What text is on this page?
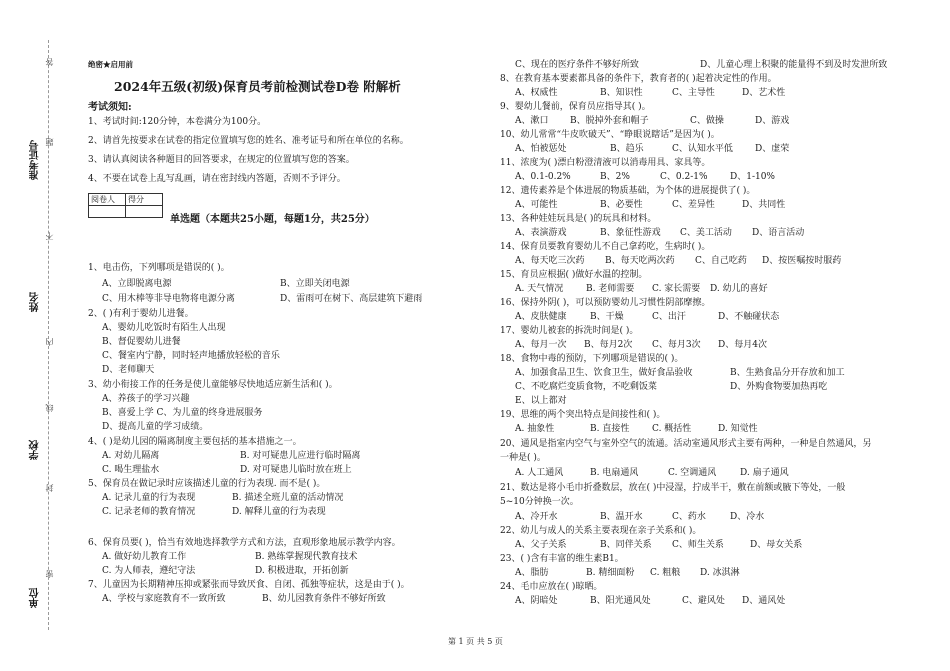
答
题
不
内
线
封
密
准考证号
姓名
学校
单位
绝密★启用前
2024年五级(初级)保育员考前检测试卷D卷 附解析
考试须知:
1、考试时间:120分钟，本卷满分为100分。
2、请首先按要求在试卷的指定位置填写您的姓名、准考证号和所在单位的名称。
3、请认真阅读各种题目的回答要求，在规定的位置填写您的答案。
4、不要在试卷上乱写乱画，请在密封线内答题，否则不予评分。
阅卷人	得分

单选题（本题共25小题，每题1分，共25分）
1、电击伤，下列哪项是错误的( )。
A、立即脱离电源	B、立即关闭电源
C、用木棒等非导电物将电源分离	D、雷雨可在树下、高层建筑下避雨
2、( )有利于婴幼儿进餐。
A、婴幼儿吃饭时有陌生人出现
B、督促婴幼儿进餐
C、餐室内宁静，同时轻声地播放轻松的音乐
D、老师聊天
3、幼小衔接工作的任务是使儿童能够尽快地适应新生活和( )。
A、养孩子的学习兴趣
B、喜爱上学 C、为儿童的终身进展服务
D、提高儿童的学习成绩。
4、( )是幼儿园的隔离制度主要包括的基本措施之一。
A. 对幼儿隔离	B. 对可疑患儿应进行临时隔离
C. 喝生理盐水	D. 对可疑患儿临时放在班上
5、保育员在做记录时应该描述儿童的行为表现. 而不是( )。
A. 记录儿童的行为表现	B. 描述全班儿童的活动情况
C. 记录老师的教育情况	D. 解释儿童的行为表现
6、保育员要( )，恰当有效地选择教学方式和方法，直观形象地展示教学内容。
A. 做好幼儿教育工作	B. 熟练掌握现代教育技术
C. 为人师表，遵纪守法	D. 积极进取，开拓创新
7、儿童因为长期精神压抑或紧张而导致厌食、自闭、孤独等症状，这是由于( )。
A、学校与家庭教育不一致所致	B、幼儿园教育条件不够好所致
C、现在的医疗条件不够好所致	D、儿童心理上积聚的能量得不到及时发泄所致
8、在教育基本要素都具备的条件下，教育者的( )起着决定性的作用。
A、权威性	B、知识性	C、主导性	D、艺术性
9、婴幼儿餐前，保育员应指导其( )。
A、漱口 B、脱掉外套和帽子	C、做操	D、游戏
10、幼儿常常“牛皮吹破天”、“睁眼说瞎话”是因为( )。
A、怕被惩处	B、趋乐	C、认知水平低 D、虚荣
11、浓度为( )漂白粉澄清液可以消毒用具、家具等。
A、0.1-0.2%	B、2%	C、0.2-1% D、1-10%
12、遗传素养是个体进展的物质基础，为个体的进展提供了( )。
A、可能性	B、必要性	C、差异性	D、共同性
13、各种娃娃玩具是( )的玩具和材料。
A、表演游戏	B、象征性游戏 C、美工活动 D、语言活动
14、保育员要教育婴幼儿不自己拿药吃，生病时( )。
A、每天吃三次药 B、每天吃两次药 C、自己吃药 D、按医嘱按时服药
15、育员应根据( )做好水温的控制。
A. 天气情况	B. 老师需要 C. 家长需要 D. 幼儿的喜好
16、保持外阴( )，可以预防婴幼儿习惯性阴部摩擦。
A、皮肤健康	B、干燥	C、出汗	D、不触碰状态
17、婴幼儿被套的拆洗时间是( )。
A、每月一次 B、每月2次 C、每月3次 D、每月4次
18、食物中毒的预防，下列哪项是错误的( )。
A、加强食品卫生、饮食卫生，做好食品验收	B、生熟食品分开存放和加工
C、不吃腐烂变质食物，不吃剩饭菜	D、外购食物要加热再吃
E、以上都对
19、思维的两个突出特点是间接性和( )。
A. 抽象性	B. 直接性	C. 概括性	D. 知觉性
20、通风是指室内空气与室外空气的流通。活动室通风形式主要有两种，一种是自然通风，另
一种是( )。
A. 人工通风	B. 电扇通风	C. 空调通风	D. 扇子通风
21、数达是将小毛巾折叠数层，放在( )中浸湿，拧成半干，敷在前额或腋下等处，一般
5~10分钟换一次。
A、冷开水	B、温开水	C、药水	D、冷水
22、幼儿与成人的关系主要表现在亲子关系和( )。
A、父子关系	B、同伴关系 C、师生关系	D、母女关系
23、( )含有丰富的维生素B1。
A、脂肪	B. 精细面粉 C. 粗粮 D. 冰淇淋
24、毛巾应放在( )晾晒。
A、阴暗处	B、阳光通风处	C、避风处 D、通风处
第 1 页 共 5 页
